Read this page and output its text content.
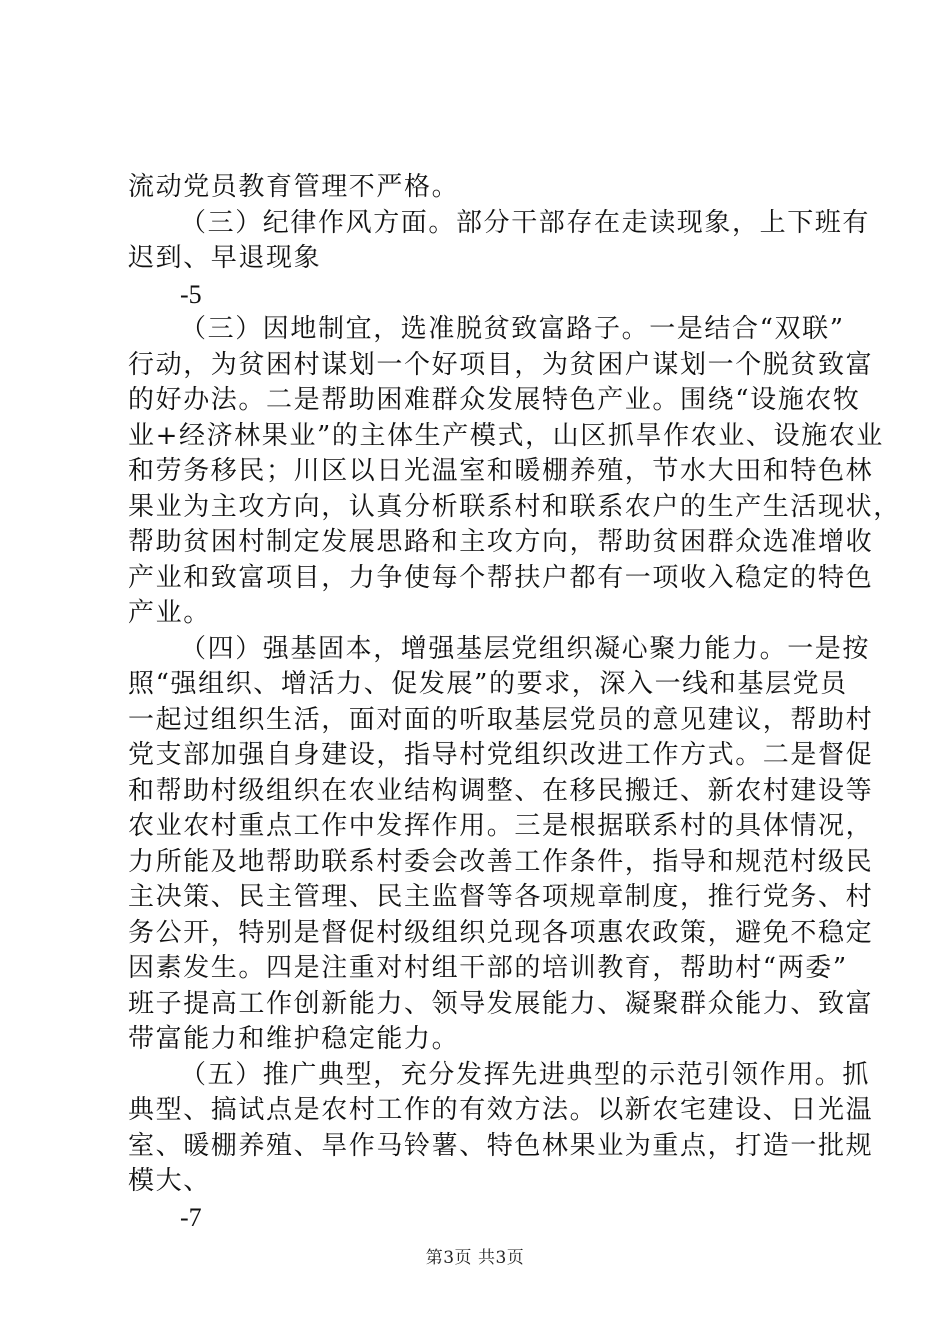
流动党员教育管理不严格。
（三）纪律作风方面。部分干部存在走读现象，上下班有
迟到、早退现象
-5
（三）因地制宜，选准脱贫致富路子。一是结合“双联”
行动，为贫困村谋划一个好项目，为贫困户谋划一个脱贫致富
的好办法。二是帮助困难群众发展特色产业。围绕“设施农牧
业+经济林果业”的主体生产模式，山区抓旱作农业、设施农业
和劳务移民；川区以日光温室和暖棚养殖，节水大田和特色林
果业为主攻方向，认真分析联系村和联系农户的生产生活现状，
帮助贫困村制定发展思路和主攻方向，帮助贫困群众选准增收
产业和致富项目，力争使每个帮扶户都有一项收入稳定的特色
产业。
（四）强基固本，增强基层党组织凝心聚力能力。一是按
照“强组织、增活力、促发展”的要求，深入一线和基层党员
一起过组织生活，面对面的听取基层党员的意见建议，帮助村
党支部加强自身建设，指导村党组织改进工作方式。二是督促
和帮助村级组织在农业结构调整、在移民搬迁、新农村建设等
农业农村重点工作中发挥作用。三是根据联系村的具体情况，
力所能及地帮助联系村委会改善工作条件，指导和规范村级民
主决策、民主管理、民主监督等各项规章制度，推行党务、村
务公开，特别是督促村级组织兑现各项惠农政策，避免不稳定
因素发生。四是注重对村组干部的培训教育，帮助村“两委”
班子提高工作创新能力、领导发展能力、凝聚群众能力、致富
带富能力和维护稳定能力。
（五）推广典型，充分发挥先进典型的示范引领作用。抓
典型、搞试点是农村工作的有效方法。以新农宅建设、日光温
室、暖棚养殖、旱作马铃薯、特色林果业为重点，打造一批规
模大、
-7
第3页 共3页
